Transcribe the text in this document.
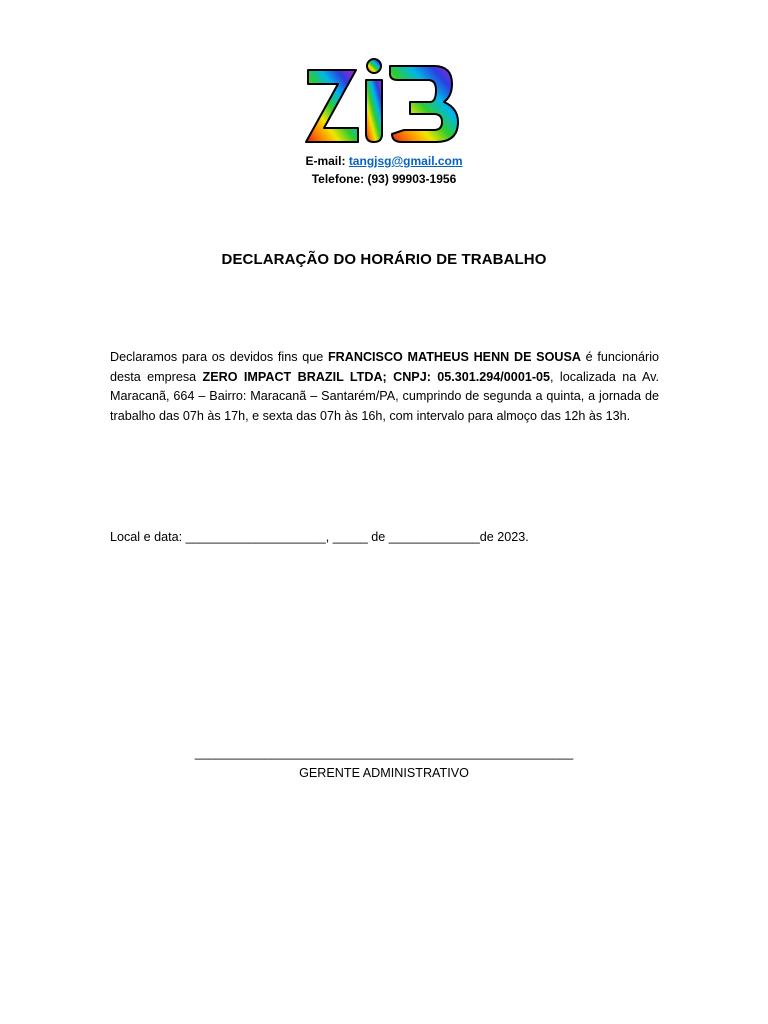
E-mail: tangjsg@gmail.com
Telefone: (93) 99903-1956
DECLARAÇÃO DO HORÁRIO DE TRABALHO
Declaramos para os devidos fins que FRANCISCO MATHEUS HENN DE SOUSA é funcionário desta empresa ZERO IMPACT BRAZIL LTDA; CNPJ: 05.301.294/0001-05, localizada na Av. Maracanã, 664 – Bairro: Maracanã – Santarém/PA, cumprindo de segunda a quinta, a jornada de trabalho das 07h às 17h, e sexta das 07h às 16h, com intervalo para almoço das 12h às 13h.
Local e data: ____________________, _____ de _____________de 2023.
______________________________________________________
GERENTE ADMINISTRATIVO
